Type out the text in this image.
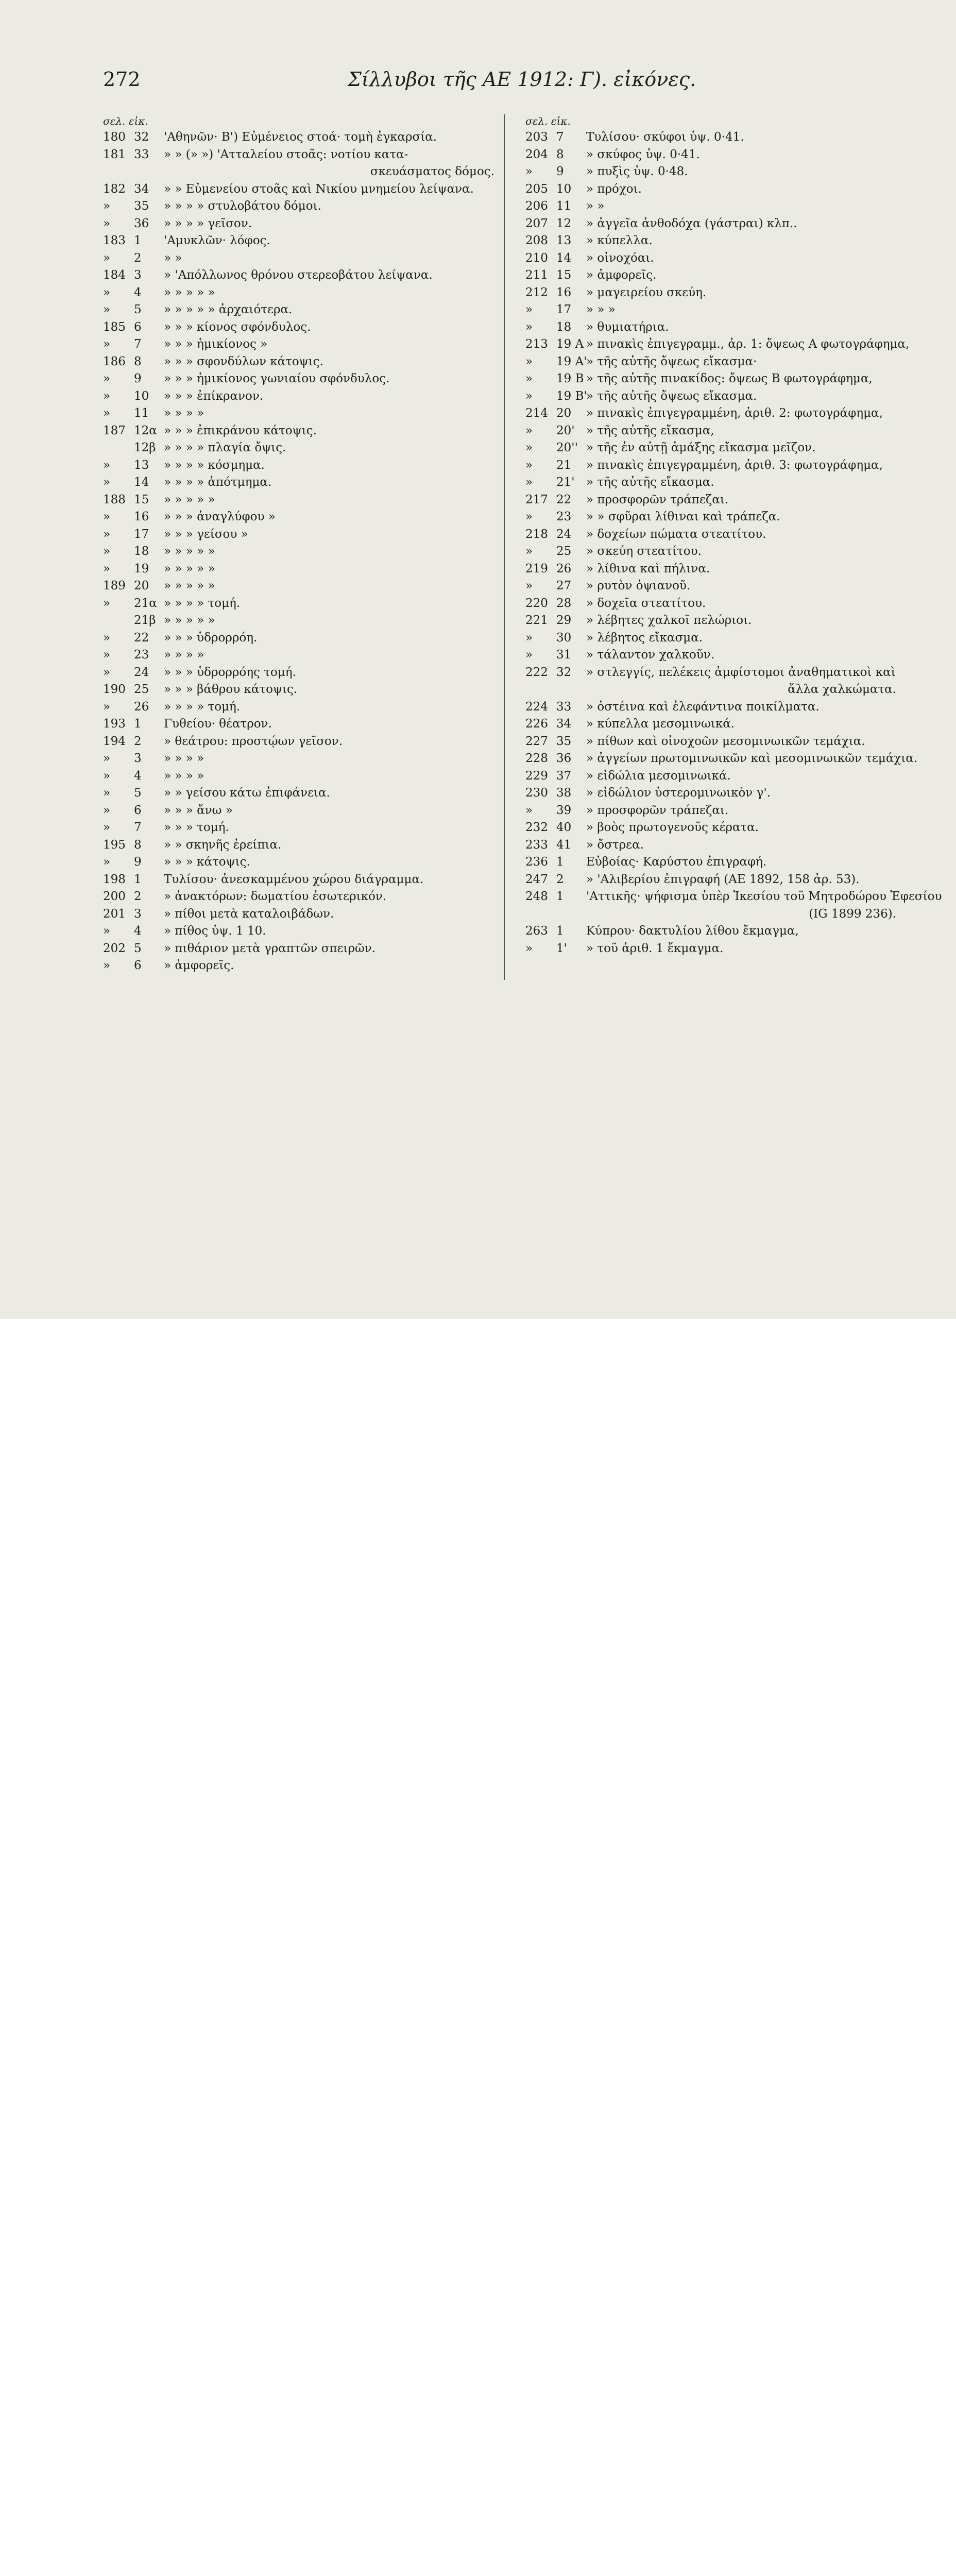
272	Σίλλυβοι τῆς ΑΕ 1912: Γ). εἰκόνες.
σελ. εἰκ.
180 32 'Αθηνῶν· Β') Εὐμένειος στοά· τομὴ ἐγκαρσία.
181 33 » » (» ») 'Ατταλείου στοᾶς: νοτίου κατα-
σκευάσματος δόμος.
182 34 » » Εὐμενείου στοᾶς καὶ Νικίου μνημείου λείψανα.
» 35 » » » » στυλοβάτου δόμοι.
» 36 » » » » γεῖσον.
183 1 'Αμυκλῶν· λόφος.
» 2 » »
184 3 » 'Απόλλωνος θρόνου στερεοβάτου λείψανα.
» 4 » » » » »
» 5 » » » » » ἀρχαιότερα.
185 6 » » » κίονος σφόνδυλος.
» 7 » » » ἡμικίονος »
186 8 » » » σφονδύλων κάτοψις.
» 9 » » » ἡμικίονος γωνιαίου σφόνδυλος.
» 10 » » » ἐπίκρανον.
» 11 » » » »
187 12α » » » ἐπικράνου κάτοψις.
12β » » » » πλαγία ὄψις.
» 13 » » » » κόσμημα.
» 14 » » » » ἀπότμημα.
188 15 » » » » »
» 16 » » » ἀναγλύφου »
» 17 » » » γείσου »
» 18 » » » » »
» 19 » » » » »
189 20 » » » » »
» 21α » » » » τομή.
21β » » » » »
» 22 » » » ὑδρορρόη.
» 23 » » » »
» 24 » » » ὑδρορρόης τομή.
190 25 » » » βάθρου κάτοψις.
» 26 » » » » τομή.
193 1 Γυθείου· θέατρον.
194 2 » θεάτρου: προστῴων γεῖσον.
» 3 » » » »
» 4 » » » »
» 5 » » γείσου κάτω ἐπιφάνεια.
» 6 » » » ἄνω »
» 7 » » » τομή.
195 8 » » σκηνῆς ἐρείπια.
» 9 » » » κάτοψις.
198 1 Τυλίσου· ἀνεσκαμμένου χώρου διάγραμμα.
200 2 » ἀνακτόρων: δωματίου ἐσωτερικόν.
201 3 » πίθοι μετὰ καταλοιβάδων.
» 4 » πίθος ὑψ. 1 10.
202 5 » πιθάριον μετὰ γραπτῶν σπειρῶν.
» 6 » ἀμφορεῖς.
σελ. εἰκ.
203 7 Τυλίσου· σκύφοι ὑψ. 0·41.
204 8 » σκύφος ὑψ. 0·41.
» 9 » πυξὶς ὑψ. 0·48.
205 10 » πρόχοι.
206 11 » »
207 12 » ἀγγεῖα ἀνθοδόχα (γάστραι) κλπ..
208 13 » κύπελλα.
210 14 » οἰνοχόαι.
211 15 » ἀμφορεῖς.
212 16 » μαγειρείου σκεύη.
» 17 » » »
» 18 » θυμιατήρια.
213 19 Α » πινακὶς ἐπιγεγραμμ., ἀρ. 1: ὄψεως Α φωτογράφημα,
» 19 Α'
» τῆς αὐτῆς ὄψεως εἴκασμα·
» 19 Β » τῆς αὐτῆς πινακίδος: ὄψεως Β φωτογράφημα,
» 19 Β'
» τῆς αὐτῆς ὄψεως εἴκασμα.
214 20 » πινακὶς ἐπιγεγραμμένη, ἀριθ. 2: φωτογράφημα,
» 20' » τῆς αὐτῆς εἴκασμα,
» 20'' » τῆς ἐν αὐτῇ ἀμάξης εἴκασμα μεῖζον.
» 21 » πινακὶς ἐπιγεγραμμένη, ἀριθ. 3: φωτογράφημα,
» 21' » τῆς αὐτῆς εἴκασμα.
217 22 » προσφορῶν τράπεζαι.
» 23 » » σφῦραι λίθιναι καὶ τράπεζα.
218 24 » δοχείων πώματα στεατίτου.
» 25 » σκεύη στεατίτου.
219 26 » λίθινα καὶ πήλινα.
» 27 » ρυτὸν ὀψιανοῦ.
220 28 » δοχεῖα στεατίτου.
221 29 » λέβητες χαλκοῖ πελώριοι.
» 30 » λέβητος εἴκασμα.
» 31 » τάλαντον χαλκοῦν.
222 32 » στλεγγίς, πελέκεις ἀμφίστομοι ἀναθηματικοὶ καὶ
ἄλλα χαλκώματα.
224 33 » ὀστέινα καὶ ἐλεφάντινα ποικίλματα.
226 34 » κύπελλα μεσομινωικά.
227 35 » πίθων καὶ οἰνοχοῶν μεσομινωικῶν τεμάχια.
228 36 » ἀγγείων πρωτομινωικῶν καὶ μεσομινωικῶν τεμάχια.
229 37 » εἰδώλια μεσομινωικά.
230 38 » εἰδώλιον ὑστερομινωικὸν γ'.
» 39 » προσφορῶν τράπεζαι.
232 40 » βοὸς πρωτογενοῦς κέρατα.
233 41 » ὄστρεα.
236 1 Εὐβοίας· Καρύστου ἐπιγραφή.
247 2 » 'Αλιβερίου ἐπιγραφή (ΑΕ 1892, 158 ἀρ. 53).
248 1 'Αττικῆς· ψήφισμα ὑπὲρ Ἱκεσίου τοῦ Μητροδώρου Ἐφεσίου
(IG 1899 236).
263 1 Κύπρου· δακτυλίου λίθου ἔκμαγμα,
» 1' » τοῦ ἀριθ. 1 ἔκμαγμα.
